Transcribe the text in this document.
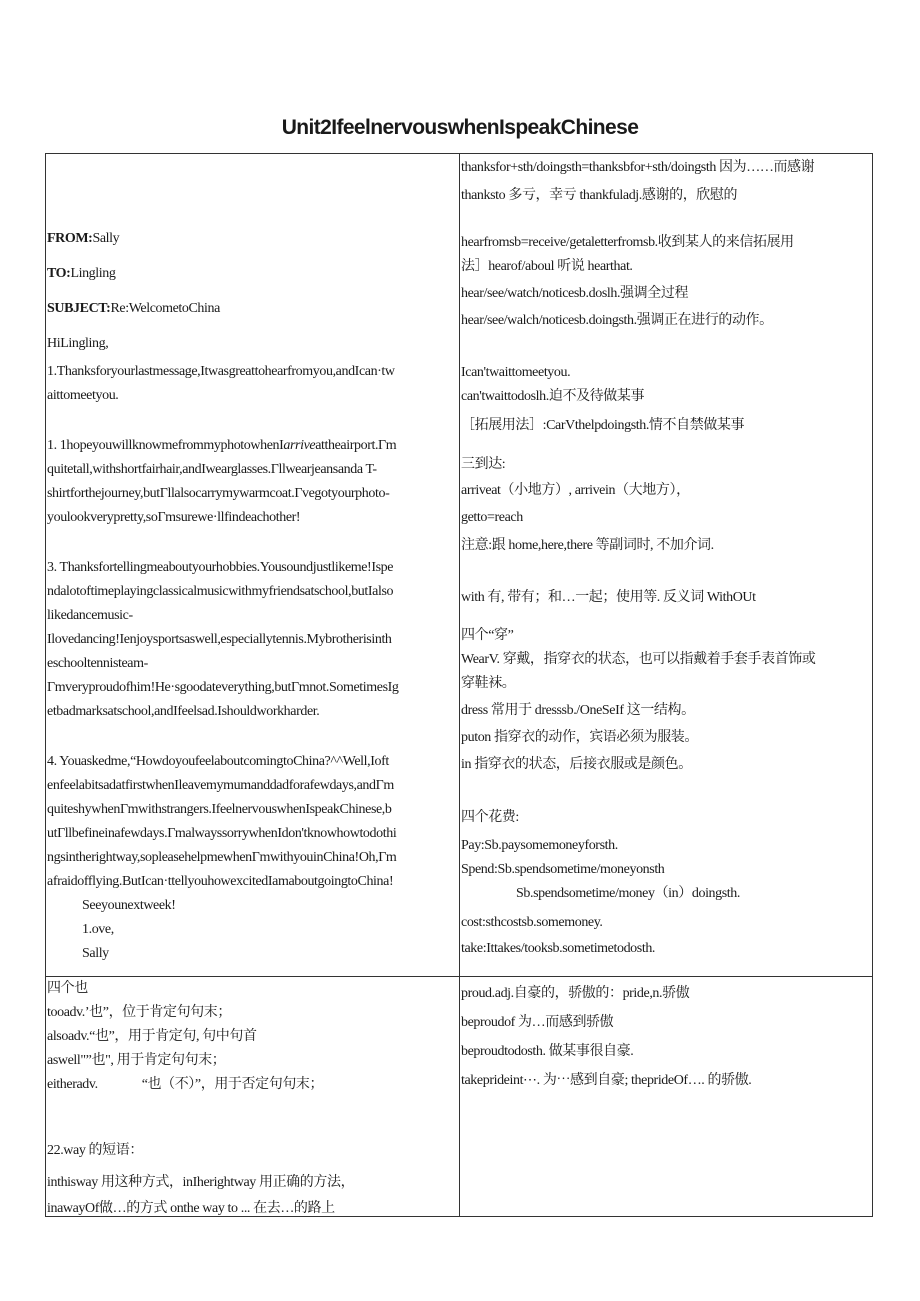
Unit2IfeelnervouswhenIspeakChinese

FROM:Sally

TO:Lingling

SUBJECT:Re:WelcometoChina

HiLingling,

1.Thanksforyourlastmessage,Itwasgreattohearfromyou,andIcan·tw

aittomeetyou.

1. 1hopeyouwillknowmefrommyphotowhenIarriveattheairport.Γm

quitetall,withshortfairhair,andIwearglasses.Γllwearjeansanda T-

shirtforthejourney,butΓllalsocarrymywarmcoat.Γvegotyourphoto-

youlookverypretty,soΓmsurewe·llfindeachother!

3. Thanksfortellingmeaboutyourhobbies.Yousoundjustlikeme!Ispe

ndalotoftimeplayingclassicalmusicwithmyfriendsatschool,butIalso

likedancemusic-

Ilovedancing!Ienjoysportsaswell,especiallytennis.Mybrotherisinth

eschooltennisteam-

Γmveryproudofhim!He·sgoodateverything,butΓmnot.SometimesIg

etbadmarksatschool,andIfeelsad.Ishouldworkharder.

4. Youaskedme,“HowdoyoufeelaboutcomingtoChina?^^Well,Ioft

enfeelabitsadatfirstwhenIleavemymumanddadforafewdays,andΓm

quiteshywhenΓmwithstrangers.IfeelnervouswhenIspeakChinese,b

utΓllbefineinafewdays.ΓmalwayssorrywhenIdon'tknowhowtodothi

ngsintherightway,sopleasehelpmewhenΓmwithyouinChina!Oh,Γm

afraidofflying.ButIcan·ttellyouhowexcitedIamaboutgoingtoChina!

Seeyounextweek!

1.ove,

Sally

thanksfor+sth/doingsth=thanksbfor+sth/doingsth 因为……而感谢

thanksto 多亏，幸亏 thankfuladj.感谢的，欣慰的

hearfromsb=receive/getaletterfromsb.收到某人的来信拓展用

法］hearof/aboul 听说 hearthat.

hear/see/watch/noticesb.doslh.强调全过程

hear/see/walch/noticesb.doingsth.强调正在进行的动作。

Ican'twaittomeetyou.

can'twaittodoslh.迫不及待做某事

［拓展用法］:CarVthelpdoingsth.情不自禁做某事

三到达:

arriveat（小地方）, arrivein（大地方），

getto=reach

注意:跟 home,here,there 等副词时, 不加介词.

with 有, 带有；和…一起；使用等. 反义词 WithOUt

四个“穿”

WearV. 穿戴，指穿衣的状态，也可以指戴着手套手表首饰或

穿鞋袜。

dress 常用于 dresssb./OneSeIf 这一结构。

puton 指穿衣的动作，宾语必须为服装。

in 指穿衣的状态，后接衣服或是颜色。

四个花费:

Pay:Sb.paysomemoneyforsth.

Spend:Sb.spendsometime/moneyonsth

Sb.spendsometime/money（in）doingsth.

cost:sthcostsb.somemoney.

take:Ittakes/tooksb.sometimetodosth.

四个也

tooadv.’也”，位于肯定句句末；

alsoadv.“也”，用于肯定句, 句中句首

aswell"”也", 用于肯定句句末；

eitheradv.	“也（不）”，用于否定句句末；

22.way 的短语：

inthisway 用这种方式，inIherightway 用正确的方法，

inawayOf做…的方式 onthe way to ... 在去…的路上

proud.adj.自豪的，骄傲的：pride,n.骄傲

beproudof 为…而感到骄傲

beproudtodosth. 做某事很自豪.

takeprideint⋯. 为⋯感到自豪; theprideOf…. 的骄傲.
